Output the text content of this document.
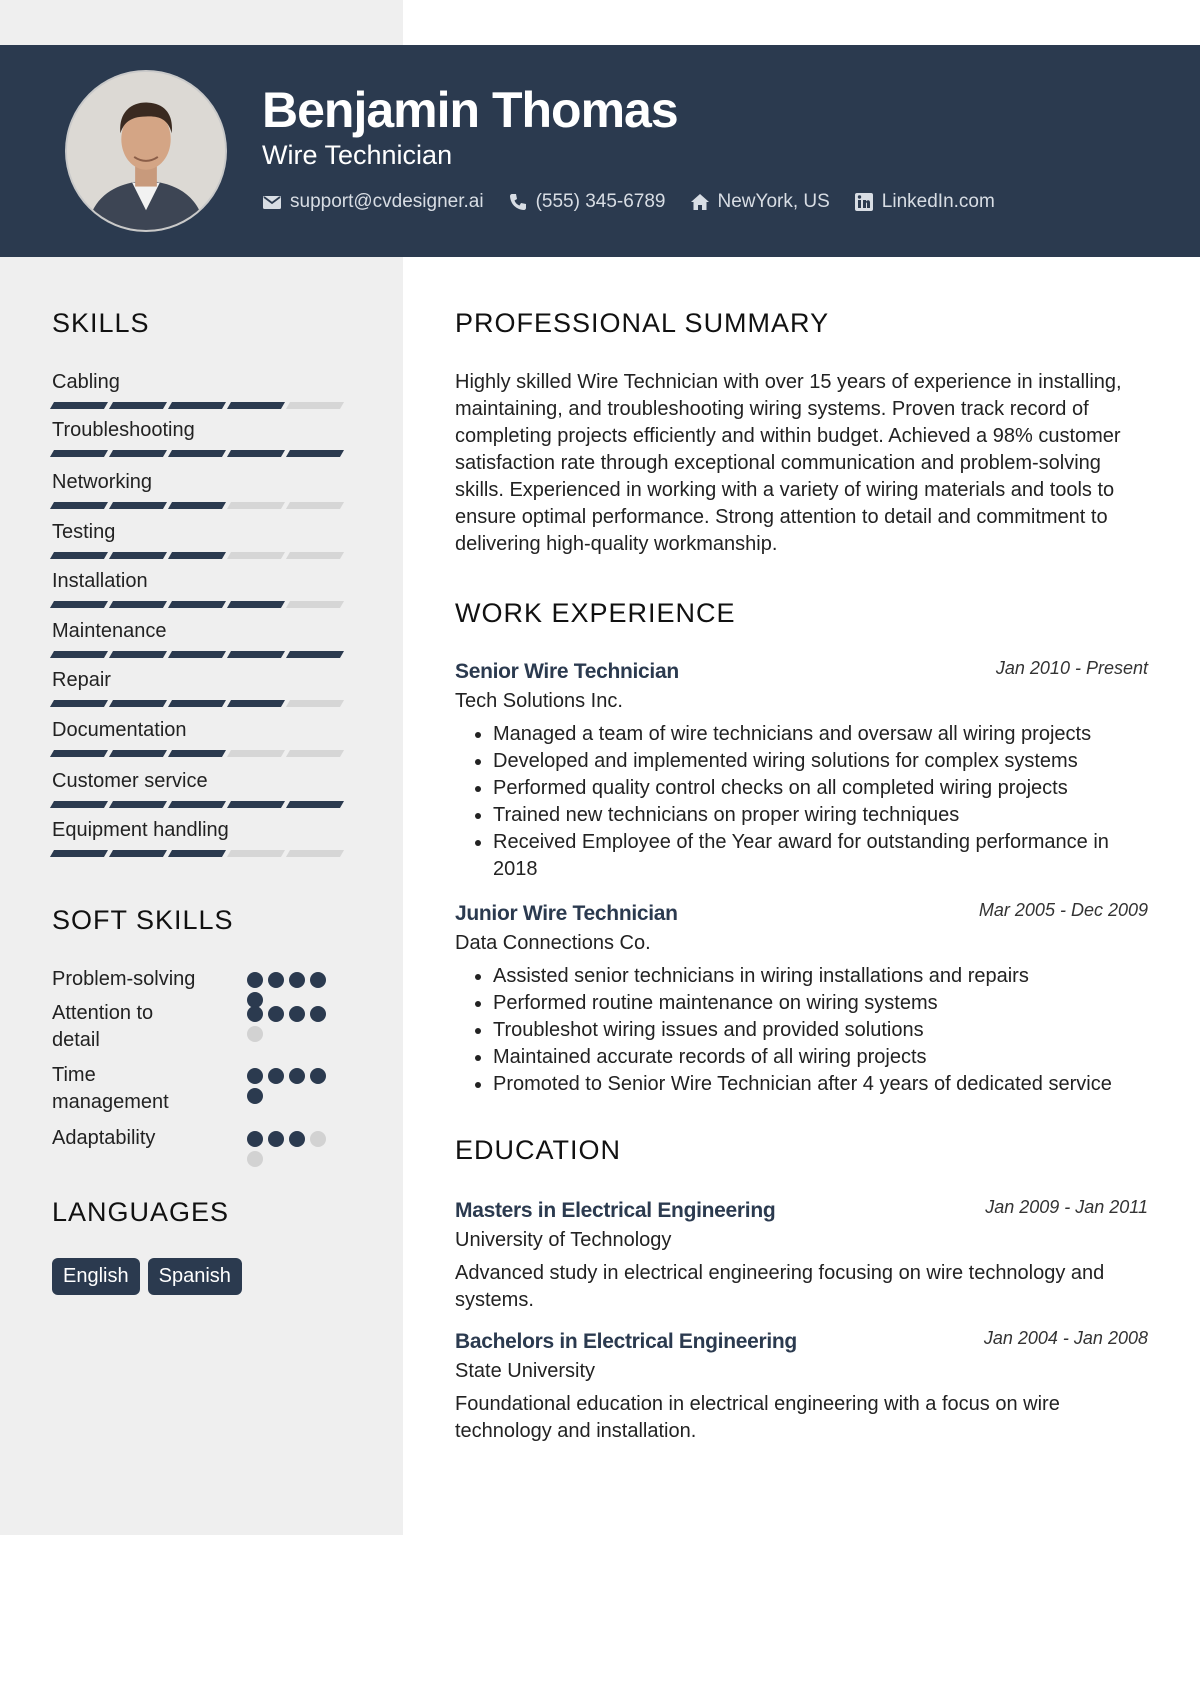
Benjamin Thomas
Wire Technician
support@cvdesigner.ai	(555) 345-6789	NewYork, US	LinkedIn.com
SKILLS
Cabling
Troubleshooting
Networking
Testing
Installation
Maintenance
Repair
Documentation
Customer service
Equipment handling
SOFT SKILLS
Problem-solving
Attention to detail
Time management
Adaptability
LANGUAGES
English	Spanish
PROFESSIONAL SUMMARY

Highly skilled Wire Technician with over 15 years of experience in installing, maintaining, and troubleshooting wiring systems. Proven track record of completing projects efficiently and within budget. Achieved a 98% customer satisfaction rate through exceptional communication and problem-solving skills. Experienced in working with a variety of wiring materials and tools to ensure optimal performance. Strong attention to detail and commitment to delivering high-quality workmanship.

WORK EXPERIENCE
Senior Wire Technician	Jan 2010 - Present
Tech Solutions Inc.
• Managed a team of wire technicians and oversaw all wiring projects
• Developed and implemented wiring solutions for complex systems
• Performed quality control checks on all completed wiring projects
• Trained new technicians on proper wiring techniques
• Received Employee of the Year award for outstanding performance in 2018
Junior Wire Technician	Mar 2005 - Dec 2009
Data Connections Co.
• Assisted senior technicians in wiring installations and repairs
• Performed routine maintenance on wiring systems
• Troubleshot wiring issues and provided solutions
• Maintained accurate records of all wiring projects
• Promoted to Senior Wire Technician after 4 years of dedicated service
EDUCATION
Masters in Electrical Engineering	Jan 2009 - Jan 2011
University of Technology

Advanced study in electrical engineering focusing on wire technology and systems.

Bachelors in Electrical Engineering	Jan 2004 - Jan 2008
State University

Foundational education in electrical engineering with a focus on wire technology and installation.
